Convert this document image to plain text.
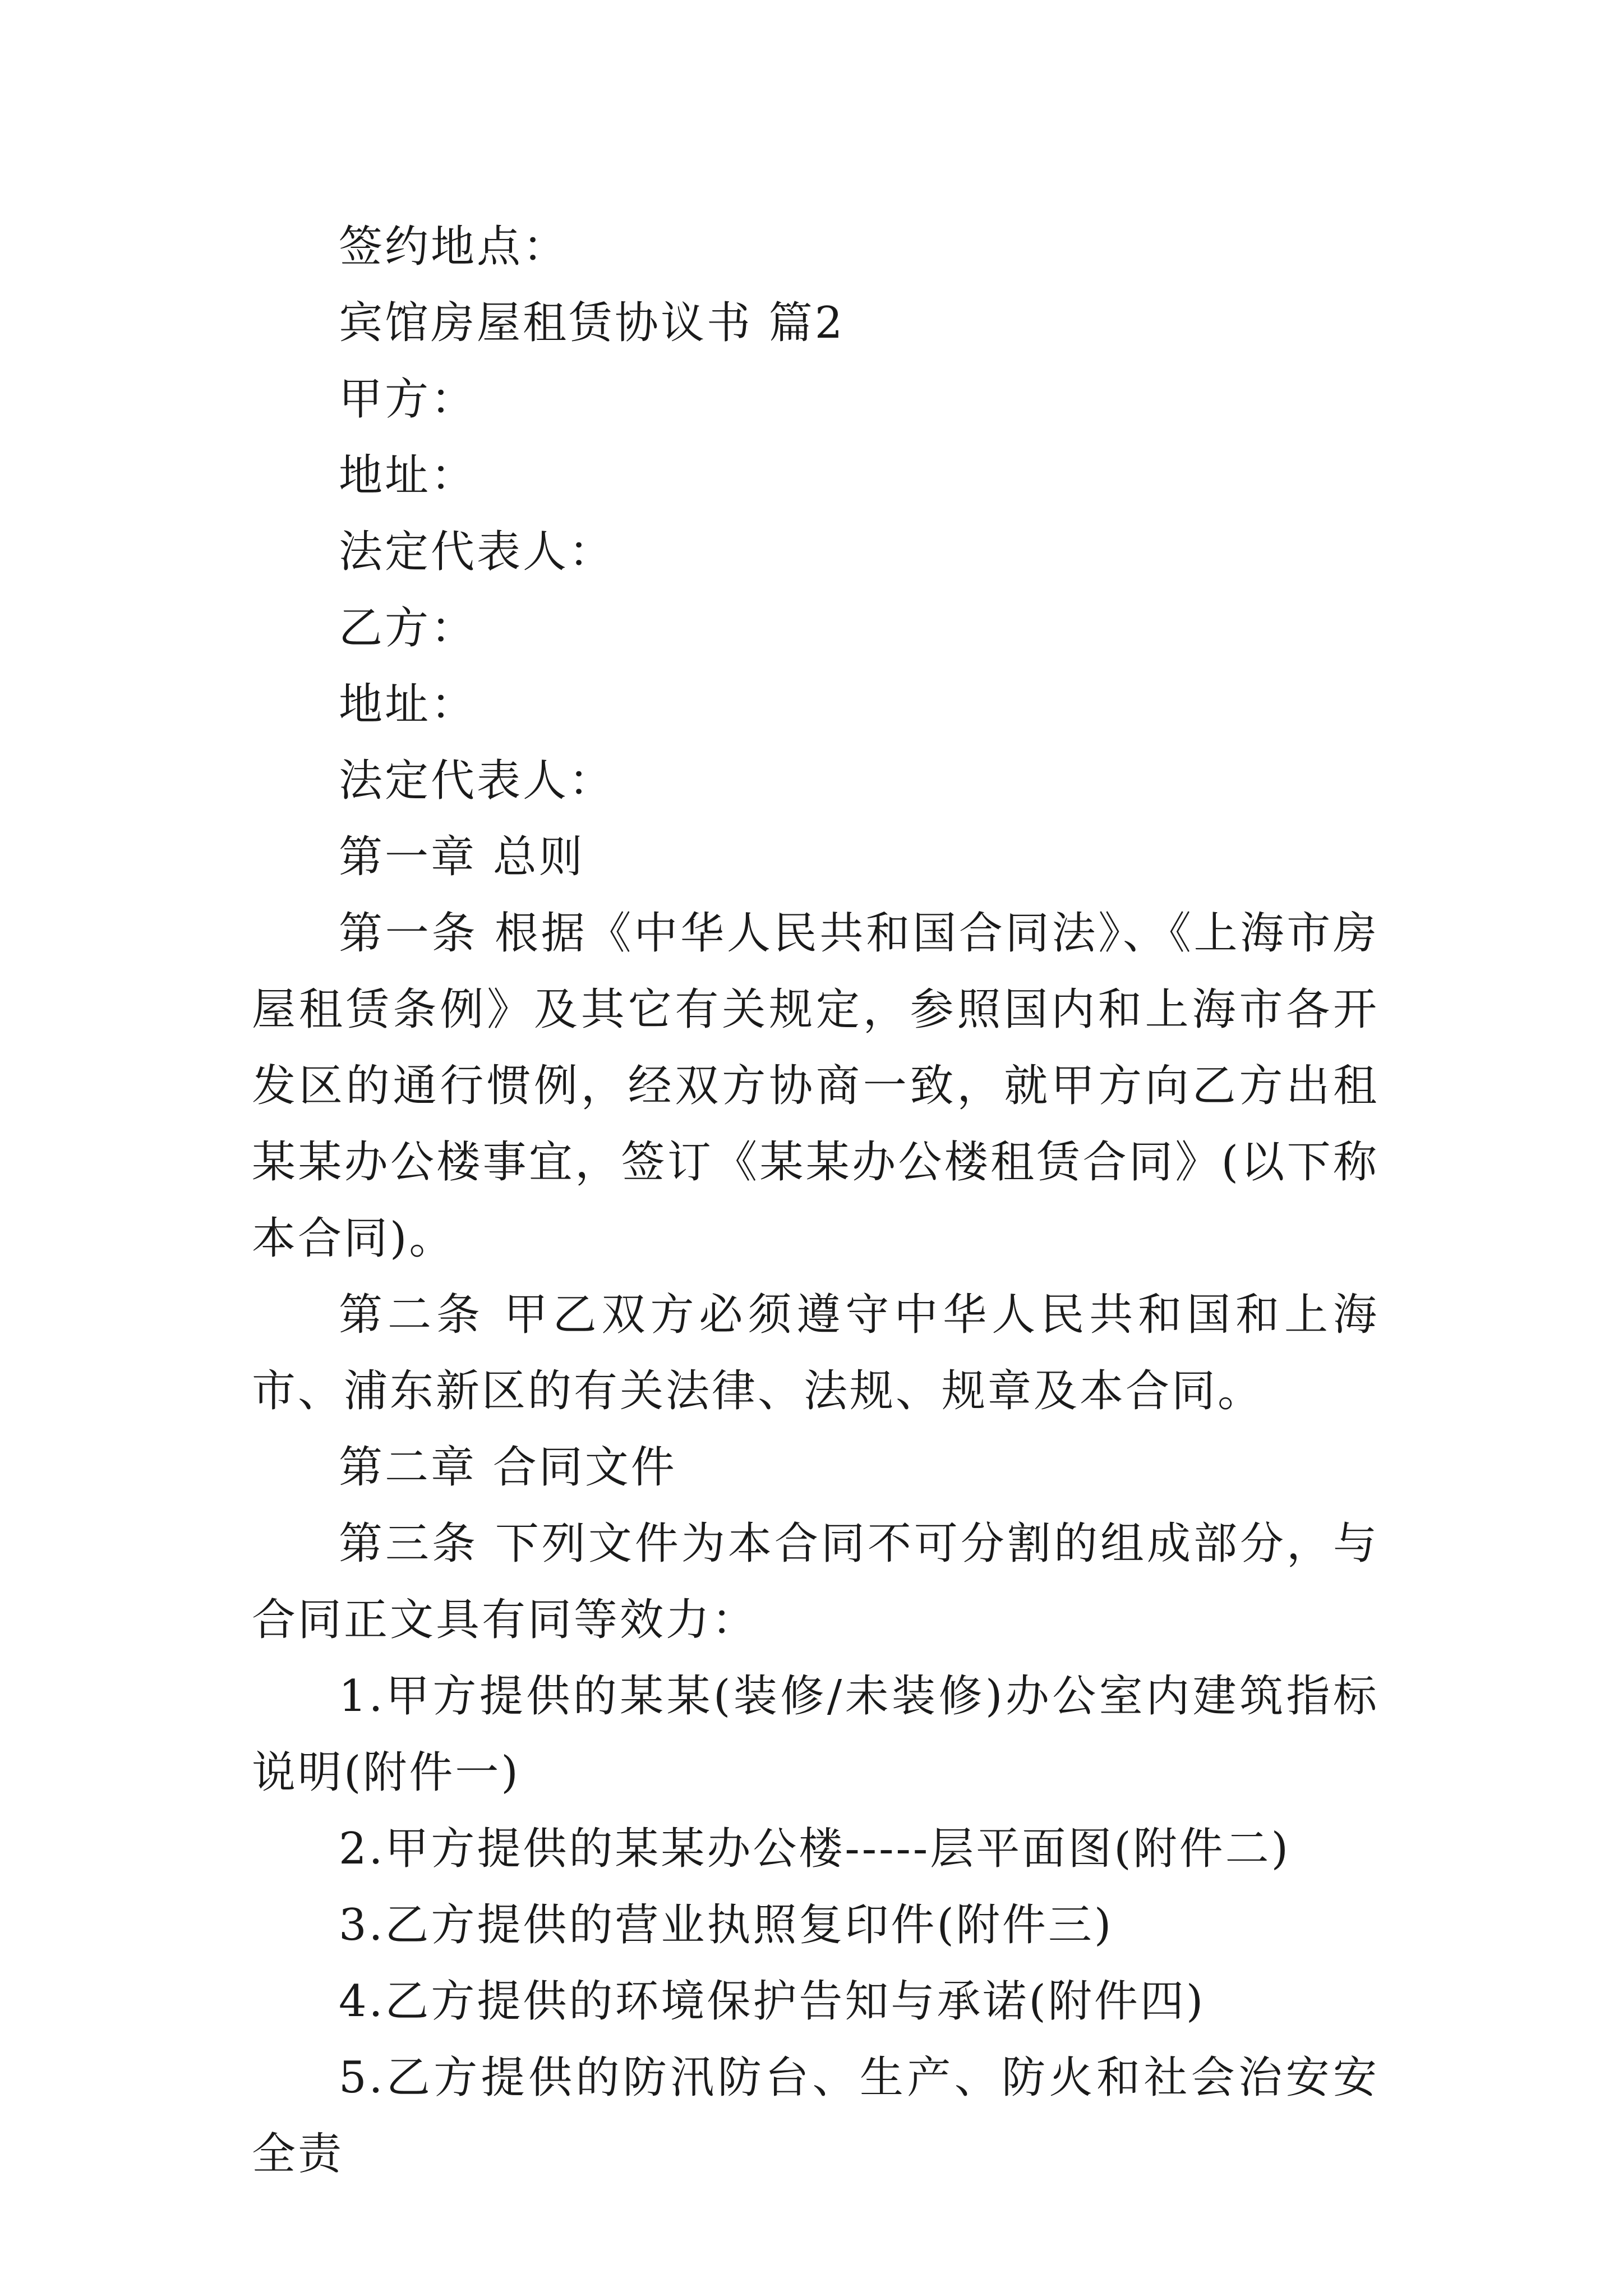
签约地点：

宾馆房屋租赁协议书 篇2

甲方：

地址：

法定代表人：

乙方：

地址：

法定代表人：

第一章 总则

第一条 根据《中华人民共和国合同法》、《上海市房屋租赁条例》及其它有关规定，参照国内和上海市各开发区的通行惯例，经双方协商一致，就甲方向乙方出租某某办公楼事宜，签订《某某办公楼租赁合同》(以下称本合同)。

第二条 甲乙双方必须遵守中华人民共和国和上海市、浦东新区的有关法律、法规、规章及本合同。

第二章 合同文件

第三条 下列文件为本合同不可分割的组成部分，与合同正文具有同等效力：

1.甲方提供的某某(装修/未装修)办公室内建筑指标说明(附件一)

2.甲方提供的某某办公楼-----层平面图(附件二)

3.乙方提供的营业执照复印件(附件三)

4.乙方提供的环境保护告知与承诺(附件四)

5.乙方提供的防汛防台、生产、防火和社会治安安全责
